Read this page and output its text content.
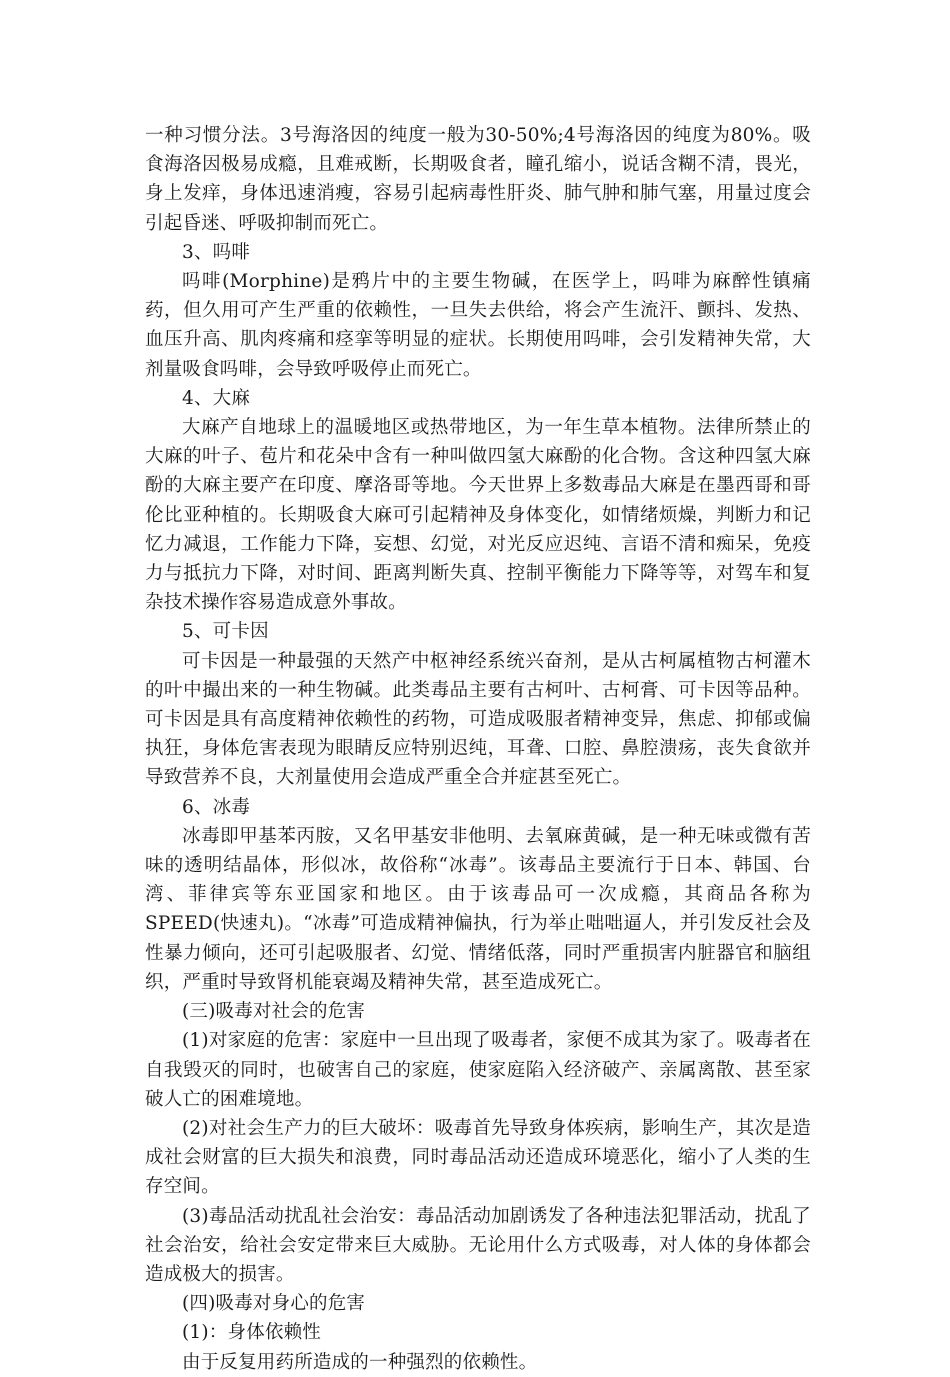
一种习惯分法。3号海洛因的纯度一般为30-50%;4号海洛因的纯度为80%。吸食海洛因极易成瘾，且难戒断，长期吸食者，瞳孔缩小，说话含糊不清，畏光，身上发痒，身体迅速消瘦，容易引起病毒性肝炎、肺气肿和肺气塞，用量过度会引起昏迷、呼吸抑制而死亡。

3、吗啡

吗啡(Morphine)是鸦片中的主要生物碱，在医学上，吗啡为麻醉性镇痛药，但久用可产生严重的依赖性，一旦失去供给，将会产生流汗、颤抖、发热、血压升高、肌肉疼痛和痉挛等明显的症状。长期使用吗啡，会引发精神失常，大剂量吸食吗啡，会导致呼吸停止而死亡。

4、大麻

大麻产自地球上的温暖地区或热带地区，为一年生草本植物。法律所禁止的大麻的叶子、苞片和花朵中含有一种叫做四氢大麻酚的化合物。含这种四氢大麻酚的大麻主要产在印度、摩洛哥等地。今天世界上多数毒品大麻是在墨西哥和哥伦比亚种植的。长期吸食大麻可引起精神及身体变化，如情绪烦燥，判断力和记忆力减退，工作能力下降，妄想、幻觉，对光反应迟纯、言语不清和痴呆，免疫力与抵抗力下降，对时间、距离判断失真、控制平衡能力下降等等，对驾车和复杂技术操作容易造成意外事故。

5、可卡因

可卡因是一种最强的天然产中枢神经系统兴奋剂，是从古柯属植物古柯灌木的叶中撮出来的一种生物碱。此类毒品主要有古柯叶、古柯膏、可卡因等品种。可卡因是具有高度精神依赖性的药物，可造成吸服者精神变异，焦虑、抑郁或偏执狂，身体危害表现为眼睛反应特别迟纯，耳聋、口腔、鼻腔溃疡，丧失食欲并导致营养不良，大剂量使用会造成严重全合并症甚至死亡。

6、冰毒

冰毒即甲基苯丙胺，又名甲基安非他明、去氧麻黄碱，是一种无味或微有苦味的透明结晶体，形似冰，故俗称“冰毒”。该毒品主要流行于日本、韩国、台湾、菲律宾等东亚国家和地区。由于该毒品可一次成瘾，其商品各称为SPEED(快速丸)。“冰毒”可造成精神偏执，行为举止咄咄逼人，并引发反社会及性暴力倾向，还可引起吸服者、幻觉、情绪低落，同时严重损害内脏器官和脑组织，严重时导致肾机能衰竭及精神失常，甚至造成死亡。

(三)吸毒对社会的危害

(1)对家庭的危害：家庭中一旦出现了吸毒者，家便不成其为家了。吸毒者在自我毁灭的同时，也破害自己的家庭，使家庭陷入经济破产、亲属离散、甚至家破人亡的困难境地。

(2)对社会生产力的巨大破坏：吸毒首先导致身体疾病，影响生产，其次是造成社会财富的巨大损失和浪费，同时毒品活动还造成环境恶化，缩小了人类的生存空间。

(3)毒品活动扰乱社会治安：毒品活动加剧诱发了各种违法犯罪活动，扰乱了社会治安，给社会安定带来巨大威胁。无论用什么方式吸毒，对人体的身体都会造成极大的损害。

(四)吸毒对身心的危害

(1)：身体依赖性

由于反复用药所造成的一种强烈的依赖性。
